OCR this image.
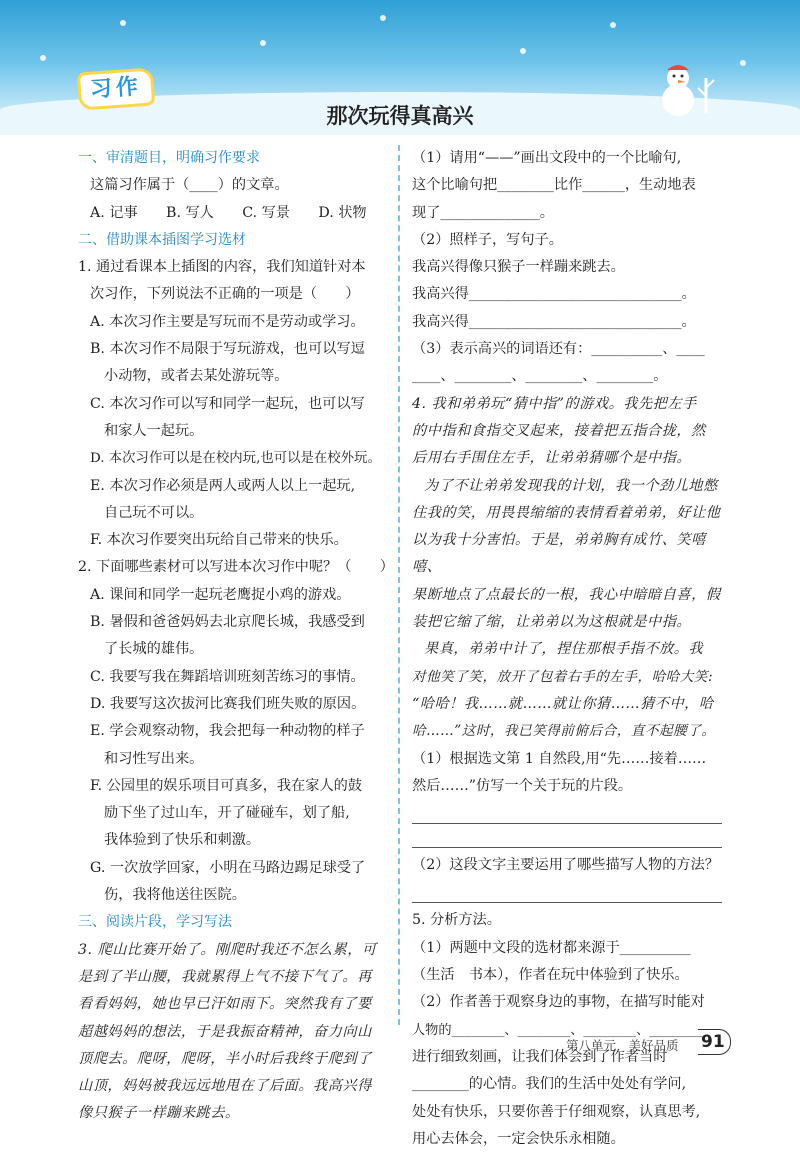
习作
那次玩得真高兴

一、审清题目，明确习作要求

这篇习作属于（____）的文章。

A. 记事　　B. 写人　　C. 写景　　D. 状物

二、借助课本插图学习选材

1. 通过看课本上插图的内容，我们知道针对本

次习作，下列说法不正确的一项是（　　）

A. 本次习作主要是写玩而不是劳动或学习。

B. 本次习作不局限于写玩游戏，也可以写逗

小动物，或者去某处游玩等。

C. 本次习作可以写和同学一起玩，也可以写

和家人一起玩。

D. 本次习作可以是在校内玩,也可以是在校外玩。

E. 本次习作必须是两人或两人以上一起玩,

自己玩不可以。

F. 本次习作要突出玩给自己带来的快乐。

2. 下面哪些素材可以写进本次习作中呢？（　　）

A. 课间和同学一起玩老鹰捉小鸡的游戏。

B. 暑假和爸爸妈妈去北京爬长城，我感受到

了长城的雄伟。

C. 我要写我在舞蹈培训班刻苦练习的事情。

D. 我要写这次拔河比赛我们班失败的原因。

E. 学会观察动物，我会把每一种动物的样子

和习性写出来。

F. 公园里的娱乐项目可真多，我在家人的鼓

励下坐了过山车，开了碰碰车，划了船,

我体验到了快乐和刺激。

G. 一次放学回家，小明在马路边踢足球受了

伤，我将他送往医院。

三、阅读片段，学习写法

3. 爬山比赛开始了。刚爬时我还不怎么累，可

是到了半山腰，我就累得上气不接下气了。再

看看妈妈，她也早已汗如雨下。突然我有了要

超越妈妈的想法，于是我振奋精神，奋力向山

顶爬去。爬呀，爬呀，半小时后我终于爬到了

山顶，妈妈被我远远地甩在了后面。我高兴得

像只猴子一样蹦来跳去。

（1）请用“——”画出文段中的一个比喻句,

这个比喻句把________比作______，生动地表

现了______________。

（2）照样子，写句子。

我高兴得像只猴子一样蹦来跳去。

我高兴得______________________________。

我高兴得______________________________。

（3）表示高兴的词语还有：__________、____

____、________、________、________。

4. 我和弟弟玩“猜中指”的游戏。我先把左手

的中指和食指交叉起来，接着把五指合拢，然

后用右手围住左手，让弟弟猜哪个是中指。

为了不让弟弟发现我的计划，我一个劲儿地憋

住我的笑，用畏畏缩缩的表情看着弟弟，好让他

以为我十分害怕。于是，弟弟胸有成竹、笑嘻嘻、

果断地点了点最长的一根，我心中暗暗自喜，假

装把它缩了缩，让弟弟以为这根就是中指。

果真，弟弟中计了，捏住那根手指不放。我

对他笑了笑，放开了包着右手的左手，哈哈大笑:

“哈哈！我……就……就让你猜……猜不中，哈

哈……”这时，我已笑得前俯后合，直不起腰了。

（1）根据选文第 1 自然段,用“先……接着……

然后……”仿写一个关于玩的片段。

（2）这段文字主要运用了哪些描写人物的方法？

5. 分析方法。

（1）两题中文段的选材都来源于__________

（生活　书本），作者在玩中体验到了快乐。

（2）作者善于观察身边的事物，在描写时能对

人物的________、________、________、________

进行细致刻画，让我们体会到了作者当时

________的心情。我们的生活中处处有学问,

处处有快乐，只要你善于仔细观察，认真思考,

用心去体会，一定会快乐永相随。

第八单元　美好品质 91
